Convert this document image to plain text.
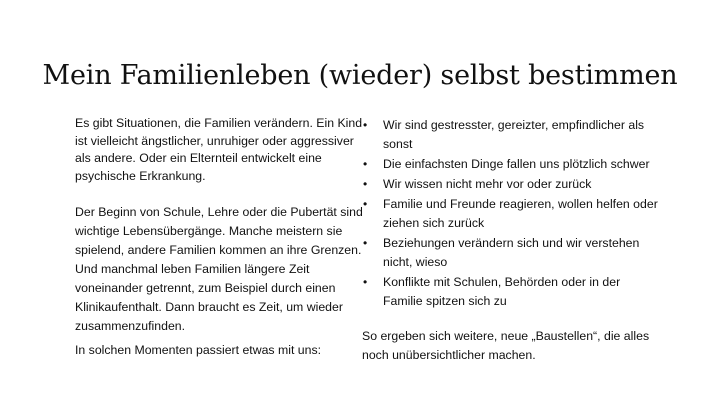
Mein Familienleben (wieder) selbst bestimmen

Es gibt Situationen, die Familien verändern. Ein Kind ist vielleicht ängstlicher, unruhiger oder aggressiver als andere. Oder ein Elternteil entwickelt eine psychische Erkrankung.

Der Beginn von Schule, Lehre oder die Pubertät sind wichtige Lebensübergänge. Manche meistern sie spielend, andere Familien kommen an ihre Grenzen. Und manchmal leben Familien längere Zeit voneinander getrennt, zum Beispiel durch einen Klinikaufenthalt. Dann braucht es Zeit, um wieder zusammenzufinden.

In solchen Momenten passiert etwas mit uns:

• Wir sind gestresster, gereizter, empfindlicher als sonst
• Die einfachsten Dinge fallen uns plötzlich schwer
• Wir wissen nicht mehr vor oder zurück
• Familie und Freunde reagieren, wollen helfen oder ziehen sich zurück
• Beziehungen verändern sich und wir verstehen nicht, wieso
• Konflikte mit Schulen, Behörden oder in der Familie spitzen sich zu

So ergeben sich weitere, neue „Baustellen“, die alles noch unübersichtlicher machen.
